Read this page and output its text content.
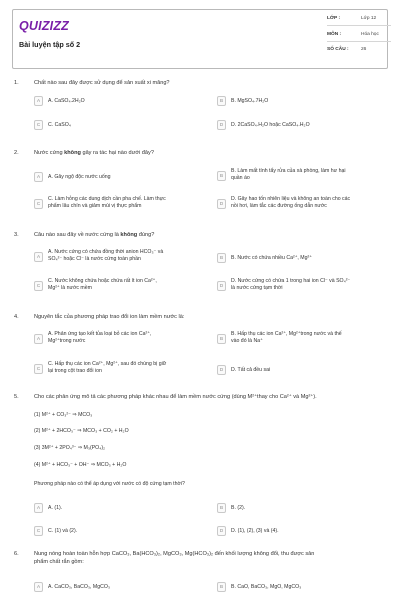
QUIZIZZ
Bài luyện tập số 2
LỚP :	Lớp 12
MÔN :	Hóa học
SỐ CÂU :	26
1.	Chất nào sau đây được sử dụng để sản xuất xi măng?
A	A. CaSO₄.2H₂O	B	B. MgSO₄.7H₂O
C	C. CaSO₄	D	D. 2CaSO₄.H₂O hoặc CaSO₄.H₂O
2.	Nước cứng không gây ra tác hại nào dưới đây?
A	A. Gây ngộ độc nước uống	B
B. Làm mất tính tẩy rửa của xà phòng, làm hư hại
quần áo
C
C. Làm hỏng các dung dịch cần pha chế. Làm thực
phẩm lâu chín và giảm mùi vị thực phẩm	D
D. Gây hao tốn nhiên liệu và không an toàn cho các
nồi hơi, làm tắc các đường ống dẫn nước
3.	Câu nào sau đây về nước cứng là không đúng?
A
A. Nước cứng có chứa đồng thời anion HCO₃⁻ và
SO₄²⁻ hoặc Cl⁻ là nước cứng toàn phần	B	B. Nước có chứa nhiều Ca²⁺, Mg²⁺
C
C. Nước không chứa hoặc chứa rất ít ion Ca²⁺,
Mg²⁺ là nước mềm	D
D. Nước cứng có chứa 1 trong hai ion Cl⁻ và SO₄²⁻
là nước cứng tạm thời
4.	Nguyên tắc của phương pháp trao đổi ion làm mềm nước là:
A
A. Phản ứng tạo kết tủa loại bỏ các ion Ca²⁺,
Mg²⁺trong nước	B
B. Hấp thụ các ion Ca²⁺, Mg²⁺trong nước và thế
vào đó là Na⁺
C
C. Hấp thụ các ion Ca²⁺, Mg²⁺, sau đó chúng bị giữ
lại trong cột trao đổi ion	D	D. Tất cả đều sai
5.	Cho các phản ứng mô tả các phương pháp khác nhau để làm mềm nước cứng (dùng M²⁺thay cho Ca²⁺ và Mg²⁺).
(1) M²⁺ + CO₃²⁻ ⇒ MCO₃
(2) M²⁺ + 2HCO₃⁻ ⇒ MCO₃ + CO₂ + H₂O
(3) 3M²⁺ + 2PO₄³⁻ ⇒ M₃(PO₄)₂
(4) M²⁺ + HCO₃⁻ + OH⁻ ⇒ MCO₃ + H₂O
Phương pháp nào có thể áp dụng với nước có độ cứng tạm thời?
A	A. (1).	B	B. (2).
C	C. (1) và (2).	D	D. (1), (2), (3) và (4).
6.	Nung nóng hoàn toàn hỗn hợp CaCO₃, Ba(HCO₃)₂, MgCO₃, Mg(HCO₃)₂ đến khối lượng không đổi, thu được sản
phẩm chất rắn gồm:
A	A. CaCO₃, BaCO₃, MgCO₃	B	B. CaO, BaCO₃, MgO, MgCO₃
